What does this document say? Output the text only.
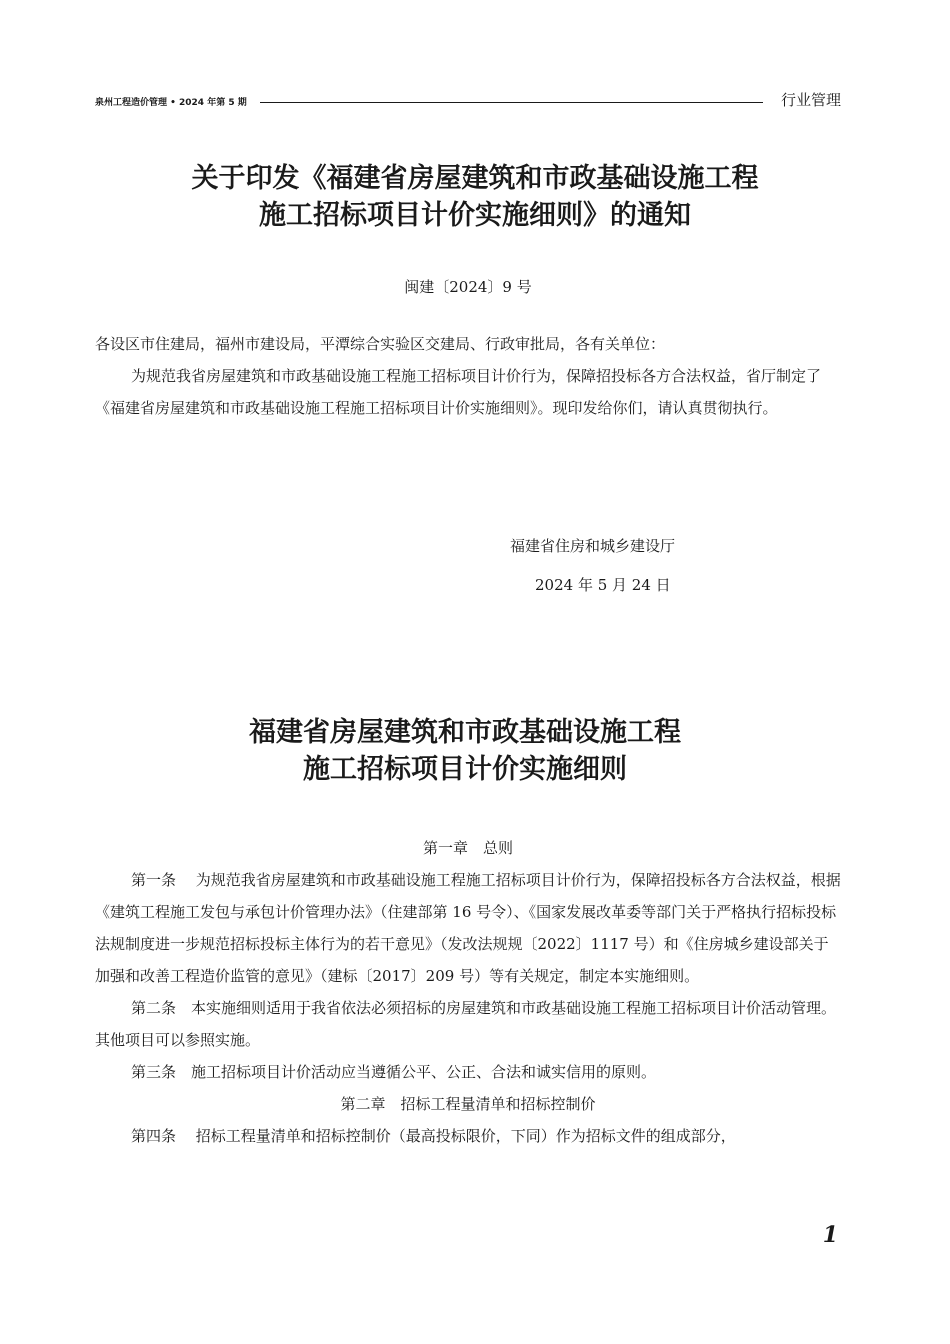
泉州工程造价管理 • 2024 年第 5 期	行业管理
关于印发《福建省房屋建筑和市政基础设施工程
施工招标项目计价实施细则》的通知
闽建〔2024〕9 号

各设区市住建局，福州市建设局，平潭综合实验区交建局、行政审批局，各有关单位：

为规范我省房屋建筑和市政基础设施工程施工招标项目计价行为，保障招投标各方合法权益，省厅制定了《福建省房屋建筑和市政基础设施工程施工招标项目计价实施细则》。现印发给你们，请认真贯彻执行。

福建省住房和城乡建设厅
2024 年 5 月 24 日
福建省房屋建筑和市政基础设施工程
施工招标项目计价实施细则

第一章　总则

第一条　 为规范我省房屋建筑和市政基础设施工程施工招标项目计价行为，保障招投标各方合法权益，根据《建筑工程施工发包与承包计价管理办法》（住建部第 16 号令）、《国家发展改革委等部门关于严格执行招标投标法规制度进一步规范招标投标主体行为的若干意见》（发改法规规〔2022〕1117 号）和《住房城乡建设部关于加强和改善工程造价监管的意见》（建标〔2017〕209 号）等有关规定，制定本实施细则。

第二条　本实施细则适用于我省依法必须招标的房屋建筑和市政基础设施工程施工招标项目计价活动管理。其他项目可以参照实施。

第三条　施工招标项目计价活动应当遵循公平、公正、合法和诚实信用的原则。

第二章　招标工程量清单和招标控制价

第四条　 招标工程量清单和招标控制价（最高投标限价，下同）作为招标文件的组成部分，

1
